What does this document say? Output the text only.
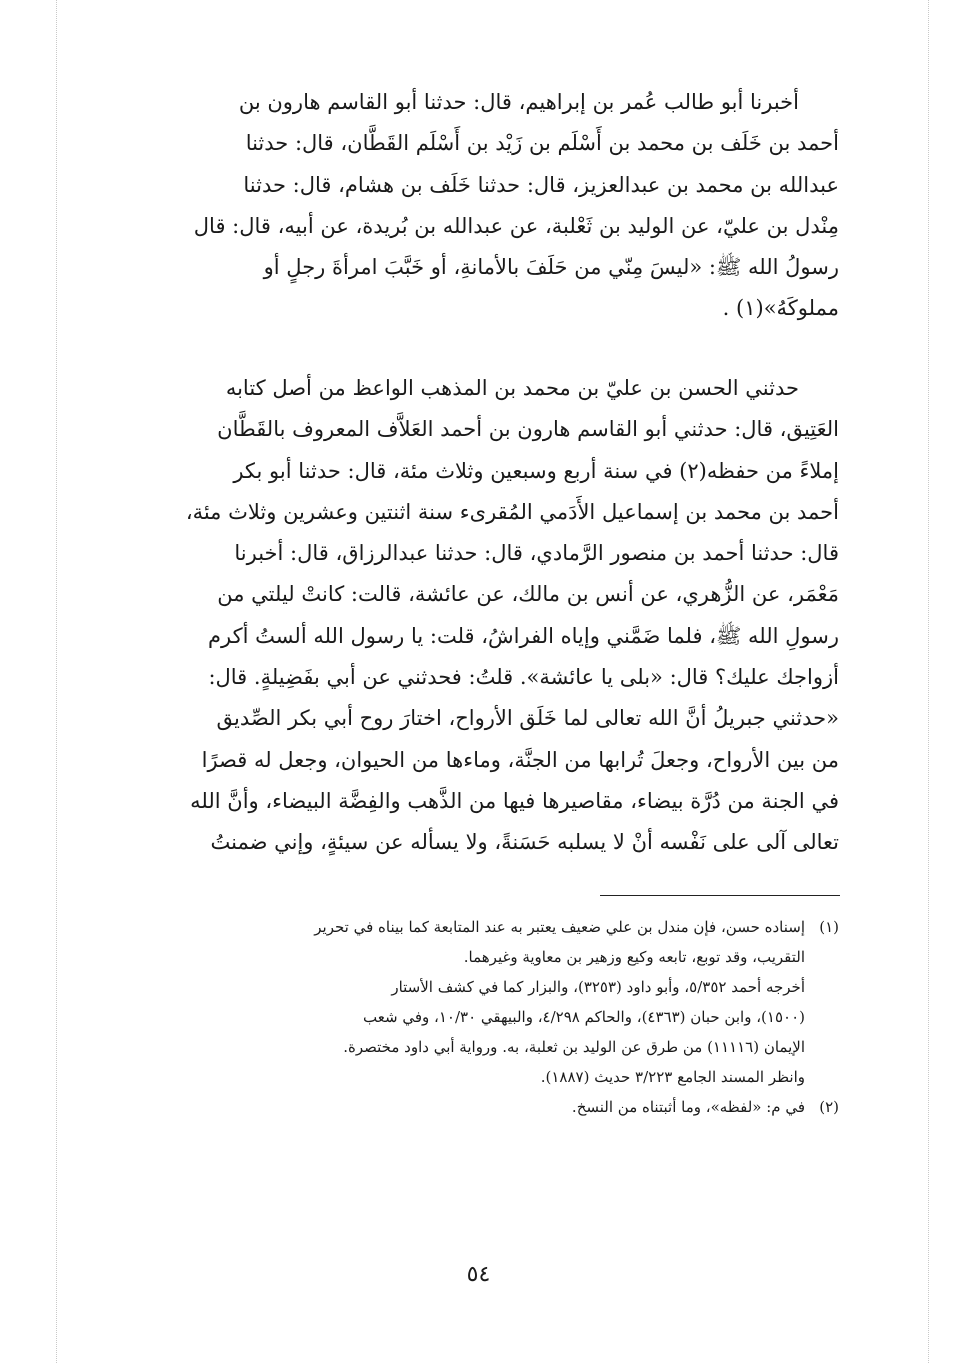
أخبرنا أبو طالب عُمر بن إبراهيم، قال: حدثنا أبو القاسم هارون بن
أحمد بن خَلَف بن محمد بن أَسْلَم بن زَيْد بن أَسْلَم القَطَّان، قال: حدثنا
عبدالله بن محمد بن عبدالعزيز، قال: حدثنا خَلَف بن هشام، قال: حدثنا
مِنْدل بن عليّ، عن الوليد بن ثَعْلبة، عن عبدالله بن بُريدة، عن أبيه، قال: قال
رسولُ الله ﷺ: «ليسَ مِنّي من حَلَفَ بالأمانةِ، أو خَبَّبَ امرأةَ رجلٍ أو
مملوكَهُ»(١) .
حدثني الحسن بن عليّ بن محمد بن المذهب الواعظ من أصل كتابه
العَتِيق، قال: حدثني أبو القاسم هارون بن أحمد العَلاَّف المعروف بالقَطَّان
إملاءً من حفظه(٢) في سنة أربع وسبعين وثلاث مئة، قال: حدثنا أبو بكر
أحمد بن محمد بن إسماعيل الأَدَمي المُقرىء سنة اثنتين وعشرين وثلاث مئة،
قال: حدثنا أحمد بن منصور الرَّمادي، قال: حدثنا عبدالرزاق، قال: أخبرنا
مَعْمَر، عن الزُّهري، عن أنس بن مالك، عن عائشة، قالت: كانتْ ليلتي من
رسولِ الله ﷺ، فلما ضَمَّني وإياه الفراشُ، قلت: يا رسول الله ألستُ أكرم
أزواجك عليك؟ قال: «بلى يا عائشة». قلتُ: فحدثني عن أبي بفَضِيلةٍ. قال:
«حدثني جبريلُ أنَّ الله تعالى لما خَلَق الأرواح، اختارَ روح أبي بكر الصِّديق
من بين الأرواح، وجعلَ تُرابها من الجنَّة، وماءها من الحيوان، وجعل له قصرًا
في الجنة من دُرَّة بيضاء، مقاصيرها فيها من الذَّهب والفِضَّة البيضاء، وأنَّ الله
تعالى آلى على نَفْسه أنْ لا يسلبه حَسَنةً، ولا يسأله عن سيئةٍ، وإني ضمنتُ
(١)إسناده حسن، فإن مندل بن علي ضعيف يعتبر به عند المتابعة كما بيناه في تحرير
التقريب، وقد توبع، تابعه وكيع وزهير بن معاوية وغيرهما.
أخرجه أحمد ٥/٣٥٢، وأبو داود (٣٢٥٣)، والبزار كما في كشف الأستار
(١٥٠٠)، وابن حبان (٤٣٦٣)، والحاكم ٤/٢٩٨، والبيهقي ١٠/٣٠، وفي شعب
الإيمان (١١١١٦) من طرق عن الوليد بن ثعلبة، به. ورواية أبي داود مختصرة.
وانظر المسند الجامع ٣/٢٢٣ حديث (١٨٨٧).
(٢)في م: «لفظه»، وما أثبتناه من النسخ.
٥٤
